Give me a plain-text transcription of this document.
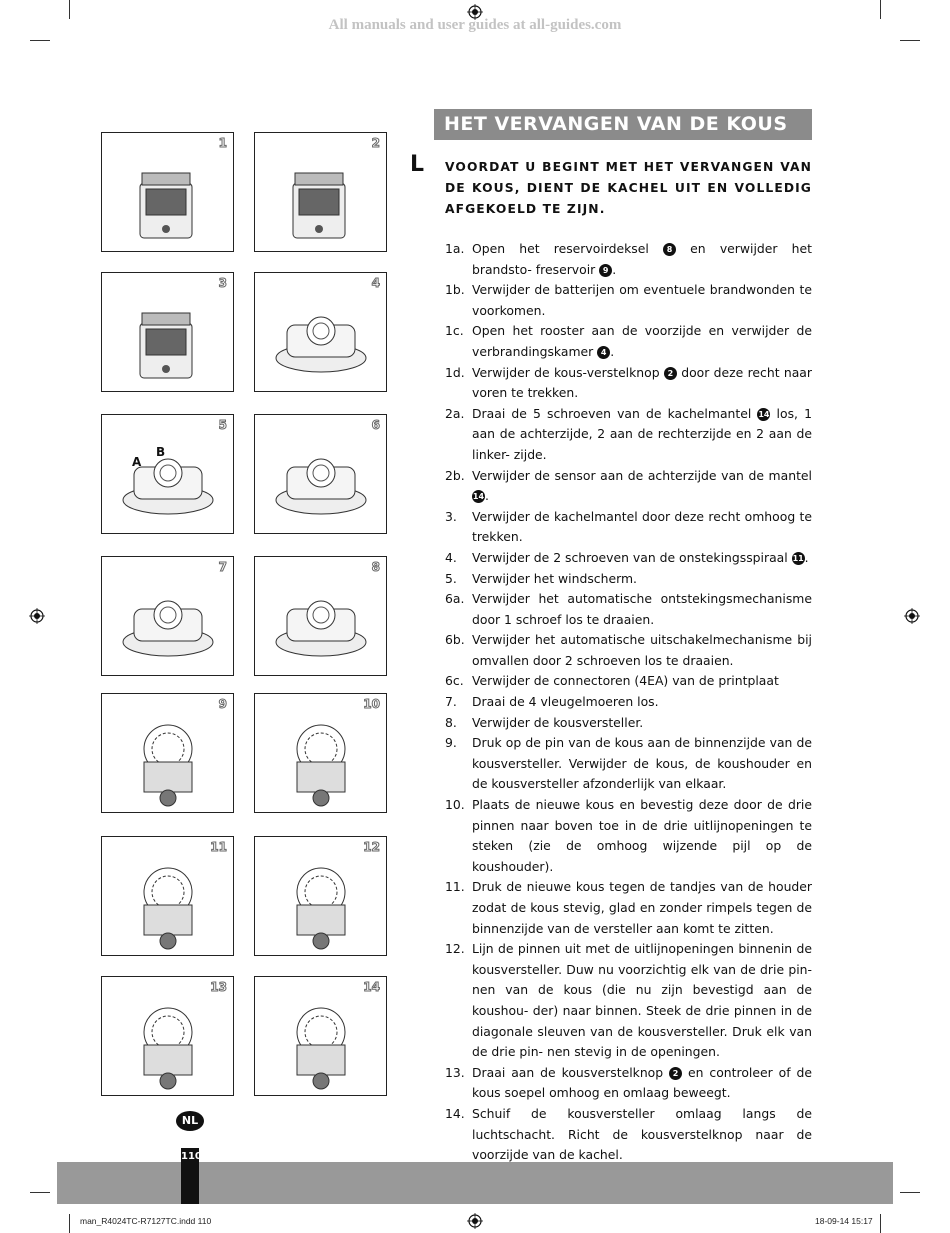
All manuals and user guides at all-guides.com
1	2
3	4
5
A
B
6
7	8
9	10
11	12
13	14
HET VERVANGEN VAN DE KOUS
L VOORDAT U BEGINT MET HET VERVANGEN VAN DE KOUS, DIENT DE KACHEL UIT EN VOLLEDIG AFGEKOELD TE ZIJN.
1a. Open het reservoirdeksel 8 en verwijder het brandsto- freservoir 9 .
1b. Verwijder de batterijen om eventuele brandwonden te voorkomen.
1c. Open het rooster aan de voorzijde en verwijder de verbrandingskamer 4 .
1d. Verwijder de kous-verstelknop 2 door deze recht naar voren te trekken.
2a. Draai de 5 schroeven van de kachelmantel 14 los, 1 aan de achterzijde, 2 aan de rechterzijde en 2 aan de linker- zijde.
2b. Verwijder de sensor aan de achterzijde van de mantel 14.
3. Verwijder de kachelmantel door deze recht omhoog te trekken.
4. Verwijder de 2 schroeven van de onstekingsspiraal 11.
5. Verwijder het windscherm.
6a. Verwijder het automatische ontstekingsmechanisme door 1 schroef los te draaien.
6b. Verwijder het automatische uitschakelmechanisme bij omvallen door 2 schroeven los te draaien.
6c. Verwijder de connectoren (4EA) van de printplaat
7. Draai de 4 vleugelmoeren los.
8. Verwijder de kousversteller.
9. Druk op de pin van de kous aan de binnenzijde van de kousversteller. Verwijder de kous, de koushouder en de kousversteller afzonderlijk van elkaar.
10. Plaats de nieuwe kous en bevestig deze door de drie pinnen naar boven toe in de drie uitlijnopeningen te steken (zie de omhoog wijzende pijl op de koushouder).
11. Druk de nieuwe kous tegen de tandjes van de houder zodat de kous stevig, glad en zonder rimpels tegen de binnenzijde van de versteller aan komt te zitten.
12. Lijn de pinnen uit met de uitlijnopeningen binnenin de kousversteller. Duw nu voorzichtig elk van de drie pin- nen van de kous (die nu zijn bevestigd aan de koushou- der) naar binnen. Steek de drie pinnen in de diagonale sleuven van de kousversteller. Druk elk van de drie pin- nen stevig in de openingen.
13. Draai aan de kousverstelknop 2 en controleer of de kous soepel omhoog en omlaag beweegt.
14. Schuif de kousversteller omlaag langs de luchtschacht. Richt de kousverstelknop naar de voorzijde van de kachel.
NL
110
man_R4024TC-R7127TC.indd 110	18-09-14 15:17
